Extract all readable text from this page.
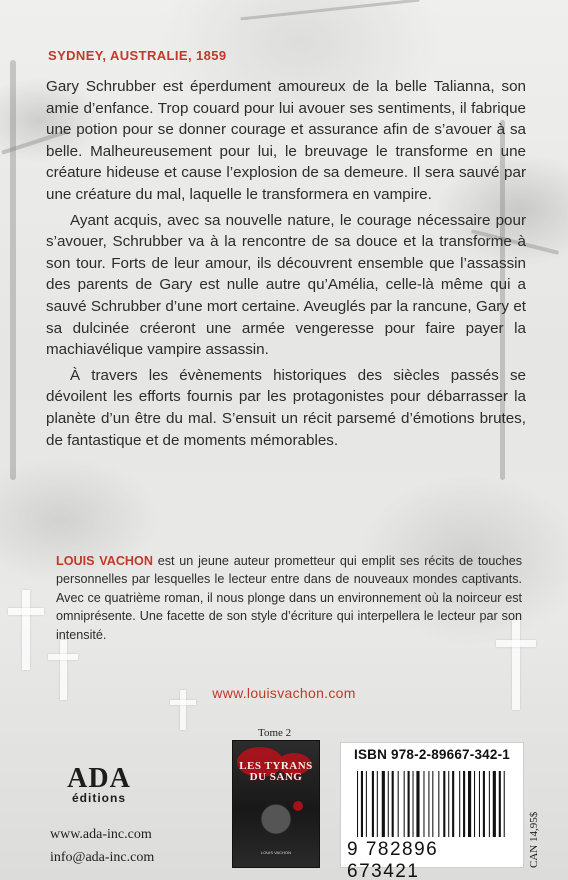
SYDNEY, AUSTRALIE, 1859

Gary Schrubber est éperdument amoureux de la belle Talianna, son amie d’enfance. Trop couard pour lui avouer ses sentiments, il fabrique une potion pour se donner courage et assurance afin de s’avouer à sa belle. Malheureusement pour lui, le breuvage le transforme en une créature hideuse et cause l’explosion de sa demeure. Il sera sauvé par une créature du mal, laquelle le transformera en vampire.

Ayant acquis, avec sa nouvelle nature, le courage nécessaire pour s’avouer, Schrubber va à la rencontre de sa douce et la transforme à son tour. Forts de leur amour, ils découvrent ensemble que l’assassin des parents de Gary est nulle autre qu’Amélia, celle-là même qui a sauvé Schrubber d’une mort certaine. Aveuglés par la rancune, Gary et sa dulcinée créeront une armée vengeresse pour faire payer la machiavélique vampire assassin.

À travers les évènements historiques des siècles passés se dévoilent les efforts fournis par les protagonistes pour débarrasser la planète d’un être du mal. S’ensuit un récit parsemé d’émotions brutes, de fantastique et de moments mémorables.

LOUIS VACHON est un jeune auteur prometteur qui emplit ses récits de touches personnelles par lesquelles le lecteur entre dans de nouveaux mondes captivants. Avec ce quatrième roman, il nous plonge dans un environnement où la noirceur est omniprésente. Une facette de son style d’écriture qui interpellera le lecteur par son intensité.
www.louisvachon.com
ADA
éditions
www.ada-inc.com
info@ada-inc.com
Tome 2
LES TYRANS
DU SANG
LOUIS VACHON
ISBN 978-2-89667-342-1
9 782896 673421
CAN 14,95$
